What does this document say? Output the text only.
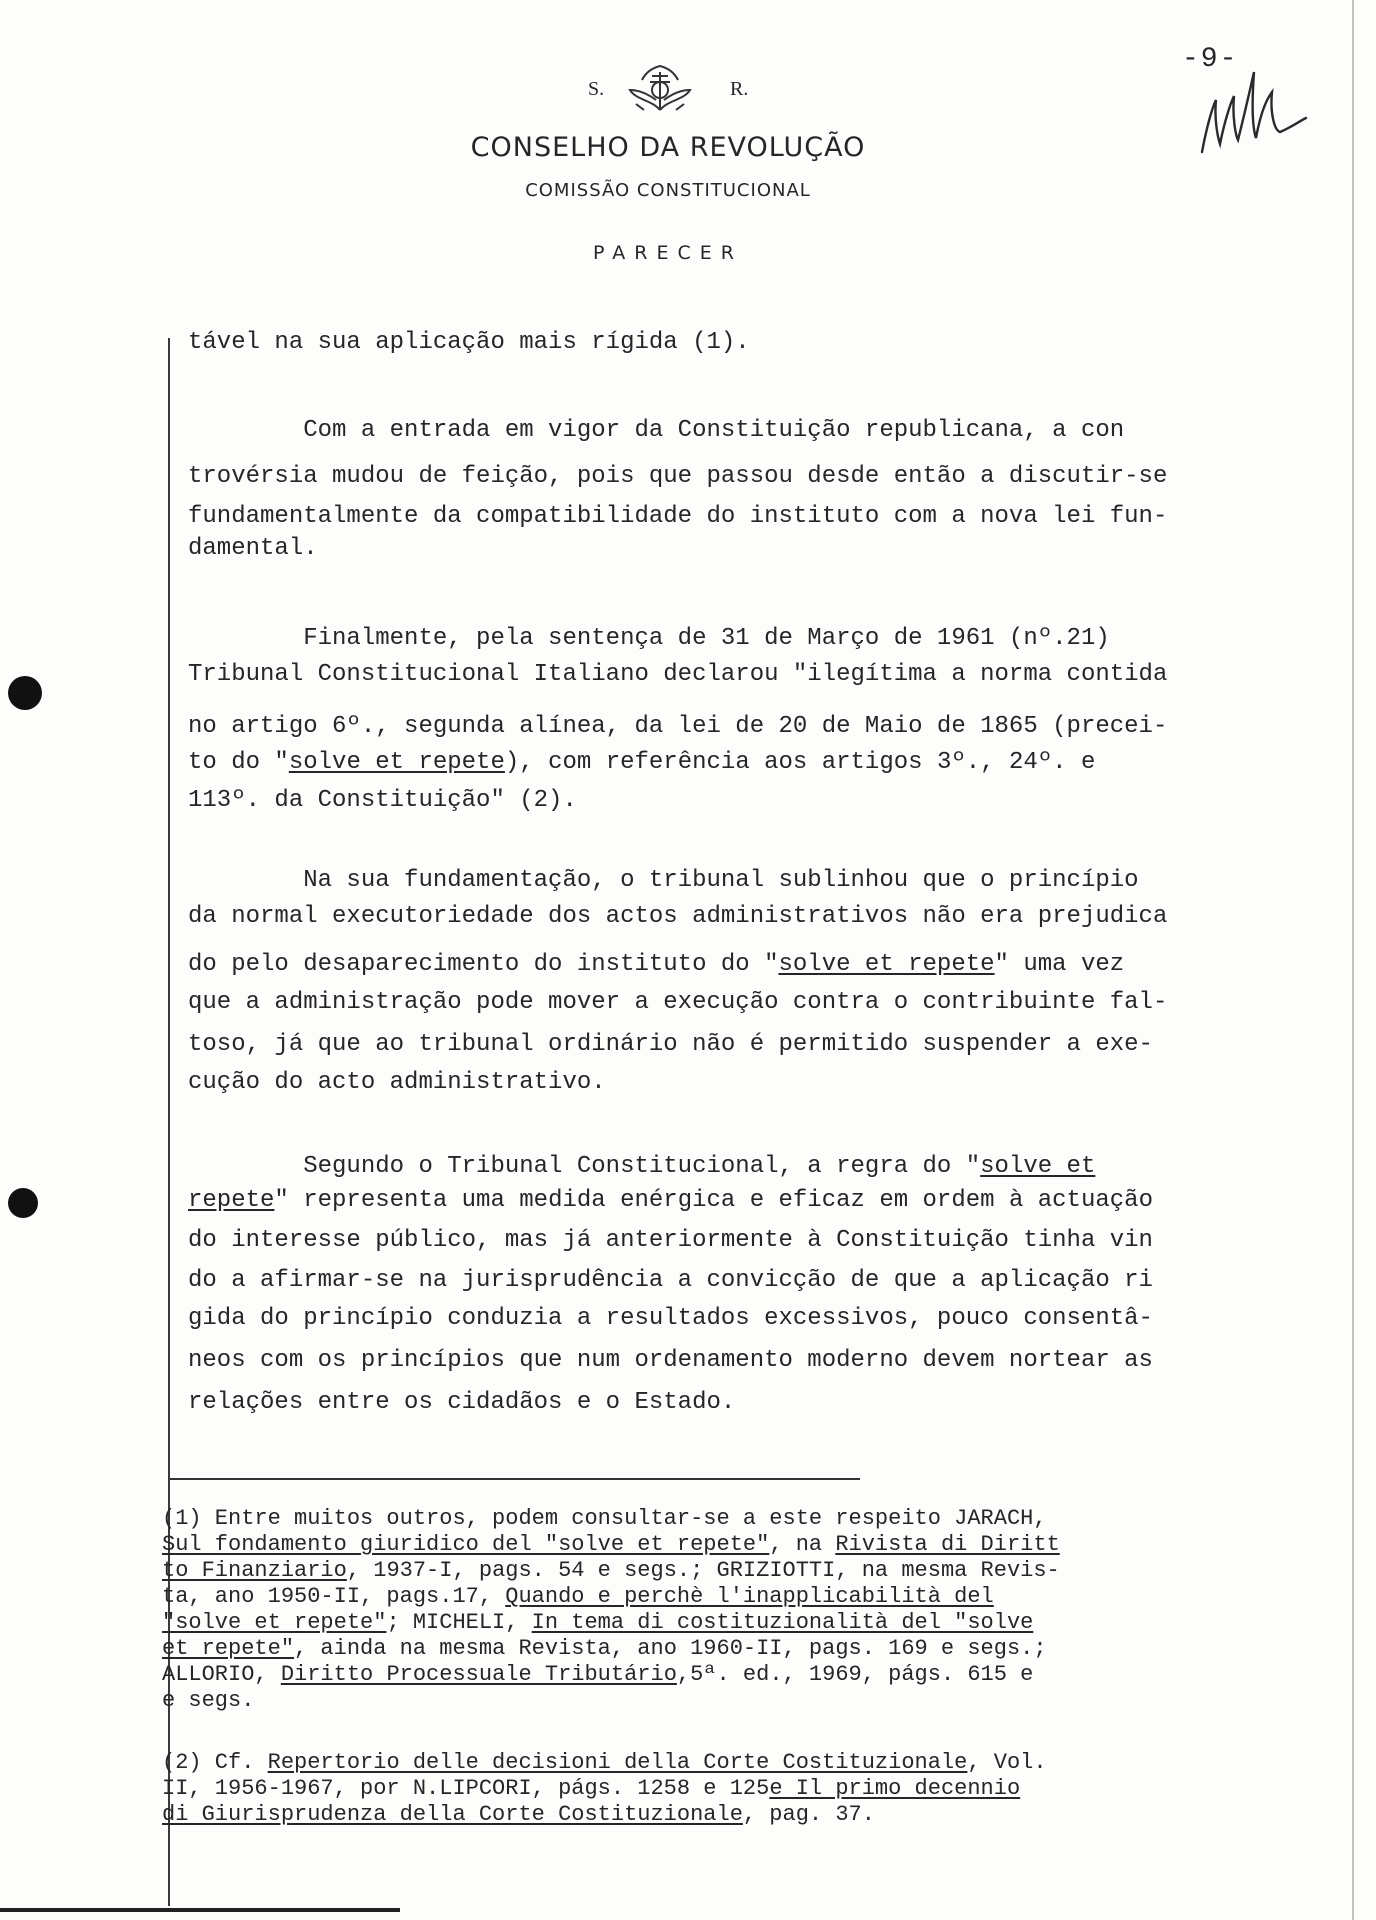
S.	R.
CONSELHO DA REVOLUÇÃO
COMISSÃO CONSTITUCIONAL
PARECER
-9-
tável na sua aplicação mais rígida (1).
Com a entrada em vigor da Constituição republicana, a con
trovérsia mudou de feição, pois que passou desde então a discutir-se
fundamentalmente da compatibilidade do instituto com a nova lei fun-
damental.
Finalmente, pela sentença de 31 de Março de 1961 (nº.21)
Tribunal Constitucional Italiano declarou "ilegítima a norma contida
no artigo 6º., segunda alínea, da lei de 20 de Maio de 1865 (precei-
to do "solve et repete), com referência aos artigos 3º., 24º. e
113º. da Constituição" (2).
Na sua fundamentação, o tribunal sublinhou que o princípio
da normal executoriedade dos actos administrativos não era prejudica
do pelo desaparecimento do instituto do "solve et repete" uma vez
que a administração pode mover a execução contra o contribuinte fal-
toso, já que ao tribunal ordinário não é permitido suspender a exe-
cução do acto administrativo.
Segundo o Tribunal Constitucional, a regra do "solve et
repete" representa uma medida enérgica e eficaz em ordem à actuação
do interesse público, mas já anteriormente à Constituição tinha vin
do a afirmar-se na jurisprudência a convicção de que a aplicação ri
gida do princípio conduzia a resultados excessivos, pouco consentâ-
neos com os princípios que num ordenamento moderno devem nortear as
relações entre os cidadãos e o Estado.
(1) Entre muitos outros, podem consultar-se a este respeito JARACH,
Sul fondamento giuridico del "solve et repete", na Rivista di Diritt
to Finanziario, 1937-I, pags. 54 e segs.; GRIZIOTTI, na mesma Revis-
ta, ano 1950-II, pags.17, Quando e perchè l'inapplicabilità del
"solve et repete"; MICHELI, In tema di costituzionalità del "solve
et repete", ainda na mesma Revista, ano 1960-II, pags. 169 e segs.;
ALLORIO, Diritto Processuale Tributário,5ª. ed., 1969, págs. 615 e
e segs.
(2) Cf. Repertorio delle decisioni della Corte Costituzionale, Vol.
II, 1956-1967, por N.LIPCORI, págs. 1258 e 125e Il primo decennio
di Giurisprudenza della Corte Costituzionale, pag. 37.
